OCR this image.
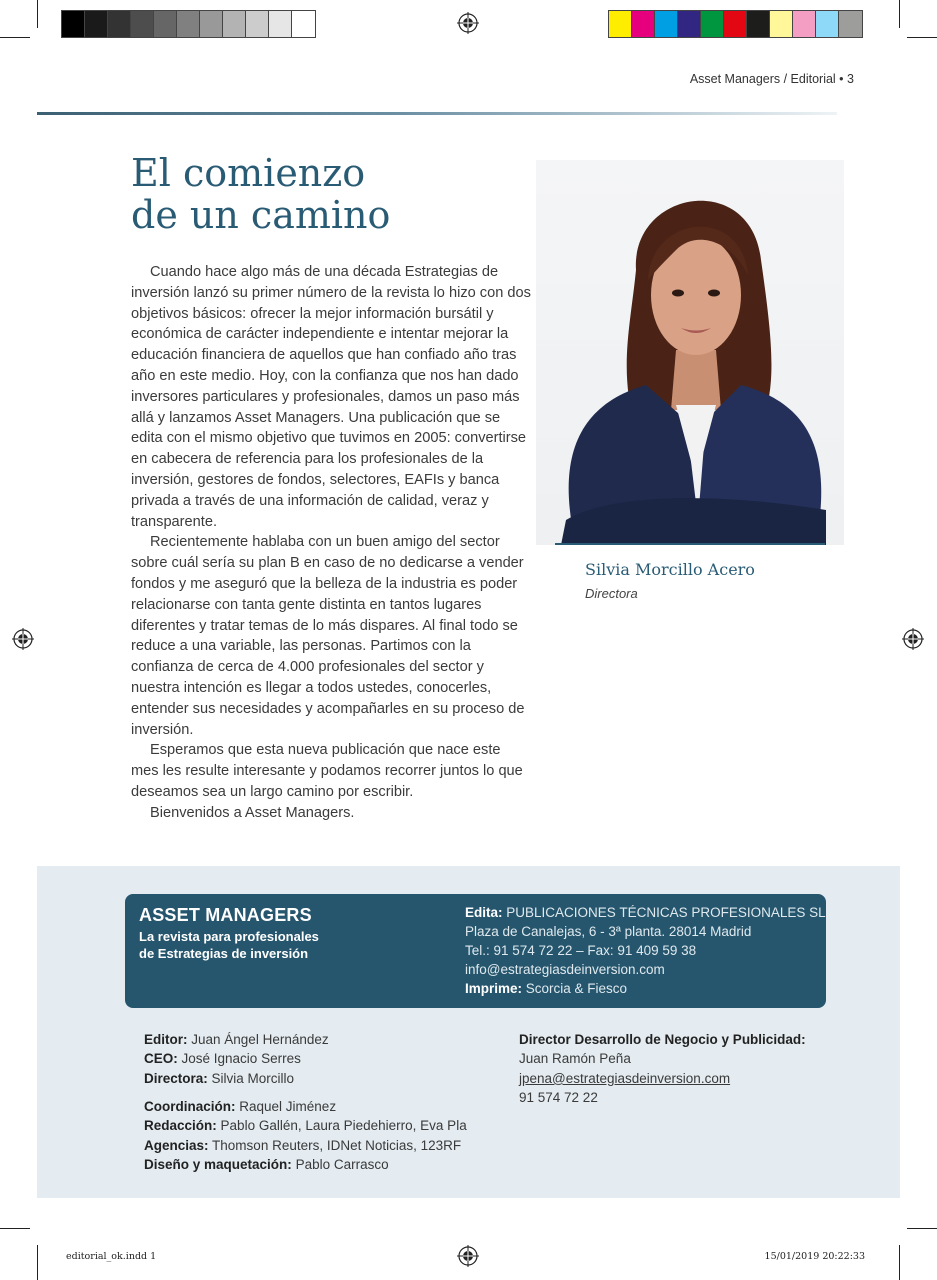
Asset Managers / Editorial • 3
El comienzo
de un camino

Cuando hace algo más de una década Estrategias de inversión lanzó su primer número de la revista lo hizo con dos objetivos básicos: ofrecer la mejor información bursátil y económica de carácter independiente e intentar mejorar la educación financiera de aquellos que han confiado año tras año en este medio. Hoy, con la confianza que nos han dado inversores particulares y profesionales, damos un paso más allá y lanzamos Asset Managers. Una publicación que se edita con el mismo objetivo que tuvimos en 2005: convertirse en cabecera de referencia para los profesionales de la inversión, gestores de fondos, selectores, EAFIs y banca privada a través de una información de calidad, veraz y transparente.

Recientemente hablaba con un buen amigo del sector sobre cuál sería su plan B en caso de no dedicarse a vender fondos y me aseguró que la belleza de la industria es poder relacionarse con tanta gente distinta en tantos lugares diferentes y tratar temas de lo más dispares. Al final todo se reduce a una variable, las personas. Partimos con la confianza de cerca de 4.000 profesionales del sector y nuestra intención es llegar a todos ustedes, conocerles, entender sus necesidades y acompañarles en su proceso de inversión.

Esperamos que esta nueva publicación que nace este mes les resulte interesante y podamos recorrer juntos lo que deseamos sea un largo camino por escribir.

Bienvenidos a Asset Managers.

Silvia Morcillo Acero
Directora
ASSET MANAGERS
La revista para profesionales
de Estrategias de inversión
Edita: PUBLICACIONES TÉCNICAS PROFESIONALES SL
Plaza de Canalejas, 6 - 3ª planta. 28014 Madrid
Tel.: 91 574 72 22 – Fax: 91 409 59 38
info@estrategiasdeinversion.com
Imprime: Scorcia & Fiesco
Editor: Juan Ángel Hernández
CEO: José Ignacio Serres
Directora: Silvia Morcillo
Coordinación: Raquel Jiménez
Redacción: Pablo Gallén, Laura Piedehierro, Eva Pla
Agencias: Thomson Reuters, IDNet Noticias, 123RF
Diseño y maquetación: Pablo Carrasco
Director Desarrollo de Negocio y Publicidad:
Juan Ramón Peña
jpena@estrategiasdeinversion.com
91 574 72 22
editorial_ok.indd 1	15/01/2019 20:22:33
